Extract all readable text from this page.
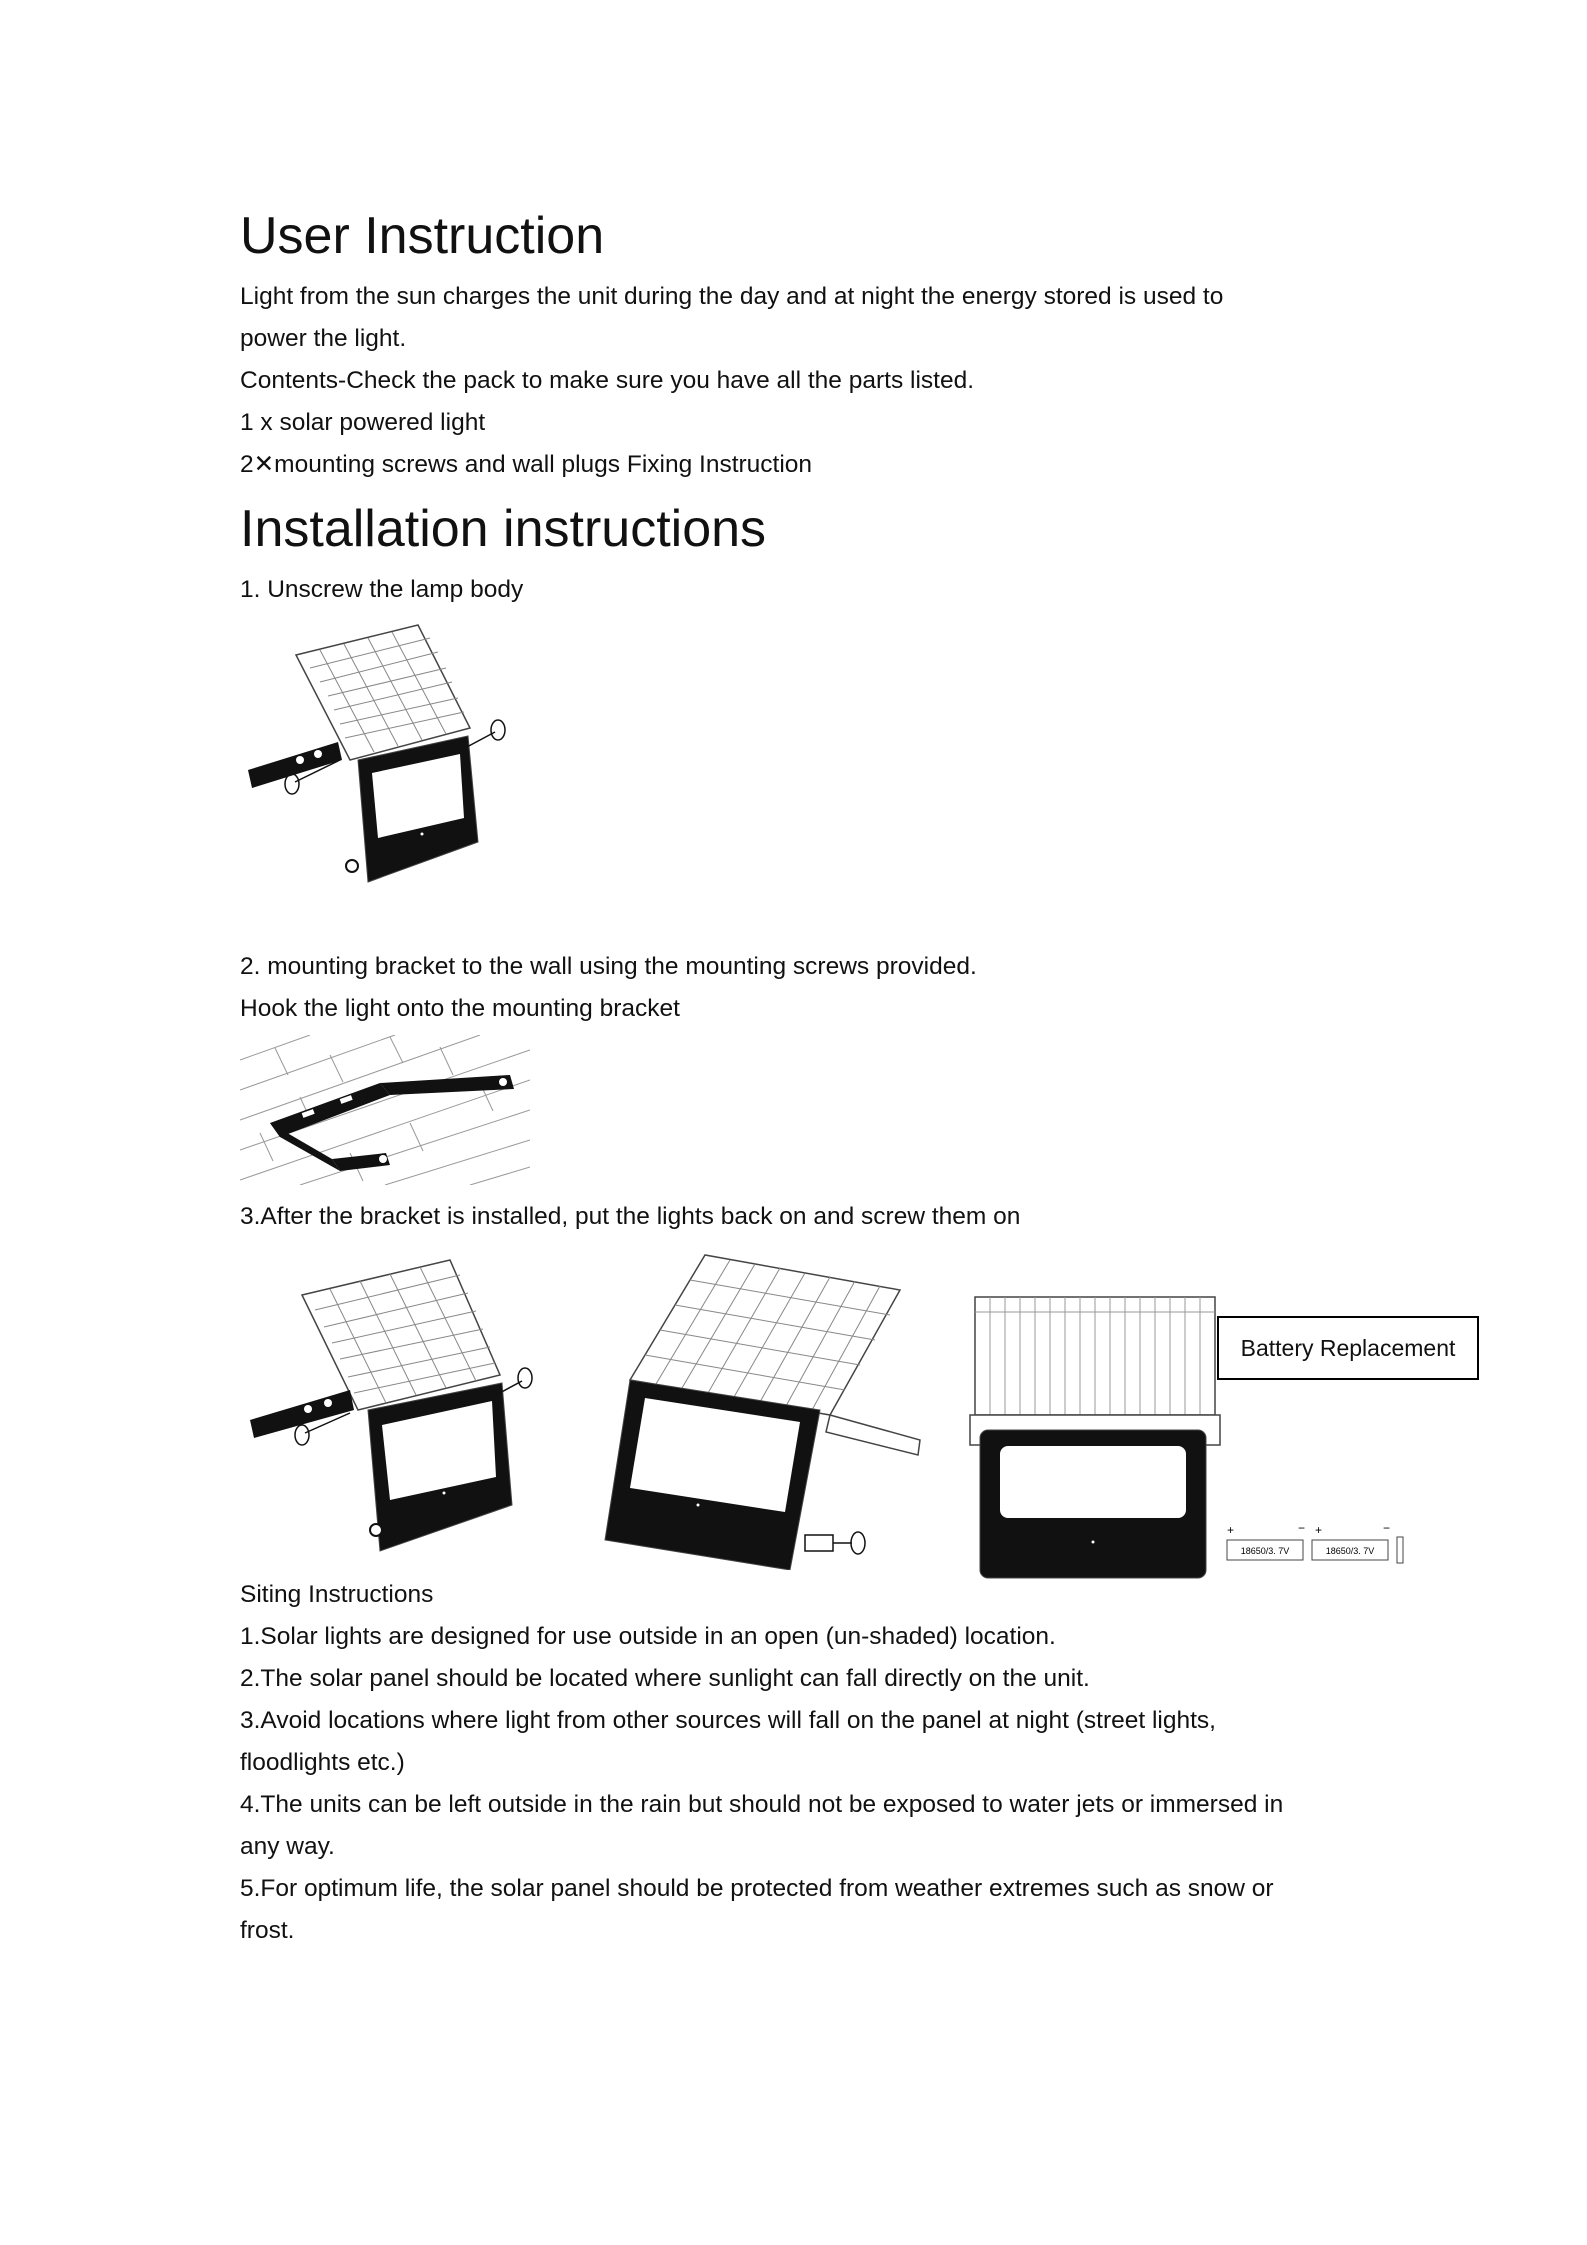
User Instruction
Light from the sun charges the unit during the day and at night the energy stored is used to
power the light.
Contents-Check the pack to make sure you have all the parts listed.
1 x solar powered light
2✕mounting screws and wall plugs Fixing Instruction
Installation instructions
1. Unscrew the lamp body
2. mounting bracket to the wall using the mounting screws provided.
Hook the light onto the mounting bracket
3.After the bracket is installed, put the lights back on and screw them on
+	− +	−
18650/3. 7V	18650/3. 7V
Battery Replacement
Siting Instructions
1.Solar lights are designed for use outside in an open (un-shaded) location.
2.The solar panel should be located where sunlight can fall directly on the unit.
3.Avoid locations where light from other sources will fall on the panel at night (street lights,
floodlights etc.)
4.The units can be left outside in the rain but should not be exposed to water jets or immersed in
any way.
5.For optimum life, the solar panel should be protected from weather extremes such as snow or
frost.
